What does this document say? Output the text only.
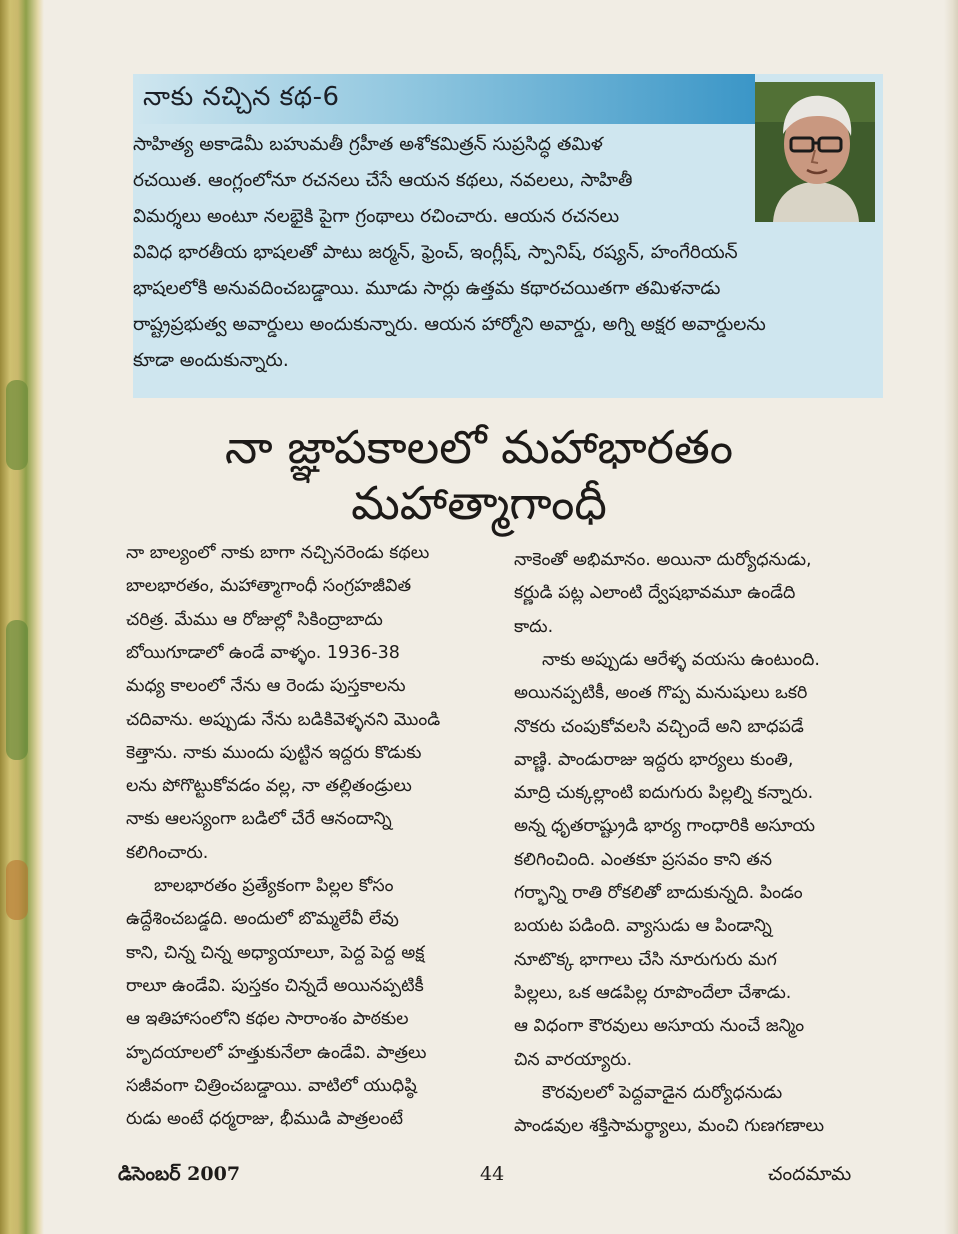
నాకు నచ్చిన కథ-6
సాహిత్య అకాడెమీ బహుమతీ గ్రహీత అశోకమిత్రన్ సుప్రసిద్ధ తమిళ
రచయిత. ఆంగ్లంలోనూ రచనలు చేసే ఆయన కథలు, నవలలు, సాహితీ
విమర్శలు అంటూ నలభైకి పైగా గ్రంథాలు రచించారు. ఆయన రచనలు
వివిధ భారతీయ భాషలతో పాటు జర్మన్, ఫ్రెంచ్, ఇంగ్లీష్, స్పానిష్, రష్యన్, హంగేరియన్
భాషలలోకి అనువదించబడ్డాయి. మూడు సార్లు ఉత్తమ కథారచయితగా తమిళనాడు
రాష్ట్రప్రభుత్వ అవార్డులు అందుకున్నారు. ఆయన హార్మోని అవార్డు, అగ్ని అక్షర అవార్డులను
కూడా అందుకున్నారు.
నా జ్ఞాపకాలలో మహాభారతం
మహాత్మాగాంధీ
నా బాల్యంలో నాకు బాగా నచ్చినరెండు కథలు
బాలభారతం, మహాత్మాగాంధీ సంగ్రహజీవిత
చరిత్ర. మేము ఆ రోజుల్లో సికింద్రాబాదు
బోయిగూడాలో ఉండే వాళ్ళం. 1936-38
మధ్య కాలంలో నేను ఆ రెండు పుస్తకాలను
చదివాను. అప్పుడు నేను బడికివెళ్ళనని మొండి
కెత్తాను. నాకు ముందు పుట్టిన ఇద్దరు కొడుకు
లను పోగొట్టుకోవడం వల్ల, నా తల్లితండ్రులు
నాకు ఆలస్యంగా బడిలో చేరే ఆనందాన్ని
కలిగించారు.
బాలభారతం ప్రత్యేకంగా పిల్లల కోసం
ఉద్దేశించబడ్డది. అందులో బొమ్మలేవీ లేవు
కాని, చిన్న చిన్న అధ్యాయాలూ, పెద్ద పెద్ద అక్ష
రాలూ ఉండేవి. పుస్తకం చిన్నదే అయినప్పటికీ
ఆ ఇతిహాసంలోని కథల సారాంశం పాఠకుల
హృదయాలలో హత్తుకునేలా ఉండేవి. పాత్రలు
సజీవంగా చిత్రించబడ్డాయి. వాటిలో యుధిష్ఠి
రుడు అంటే ధర్మరాజు, భీముడి పాత్రలంటే
నాకెంతో అభిమానం. అయినా దుర్యోధనుడు,
కర్ణుడి పట్ల ఎలాంటి ద్వేషభావమూ ఉండేది
కాదు.
నాకు అప్పుడు ఆరేళ్ళ వయసు ఉంటుంది.
అయినప్పటికీ, అంత గొప్ప మనుషులు ఒకరి
నొకరు చంపుకోవలసి వచ్చిందే అని బాధపడే
వాణ్ణి. పాండురాజు ఇద్దరు భార్యలు కుంతి,
మాద్రి చుక్కల్లాంటి ఐదుగురు పిల్లల్ని కన్నారు.
అన్న ధృతరాష్ట్రుడి భార్య గాంధారికి అసూయ
కలిగించింది. ఎంతకూ ప్రసవం కాని తన
గర్భాన్ని రాతి రోకలితో బాదుకున్నది. పిండం
బయట పడింది. వ్యాసుడు ఆ పిండాన్ని
నూటొక్క భాగాలు చేసి నూరుగురు మగ
పిల్లలు, ఒక ఆడపిల్ల రూపొందేలా చేశాడు.
ఆ విధంగా కౌరవులు అసూయ నుంచే జన్మిం
చిన వారయ్యారు.
కౌరవులలో పెద్దవాడైన దుర్యోధనుడు
పాండవుల శక్తిసామర్థ్యాలు, మంచి గుణగణాలు
డిసెంబర్ 2007	44	చందమామ
